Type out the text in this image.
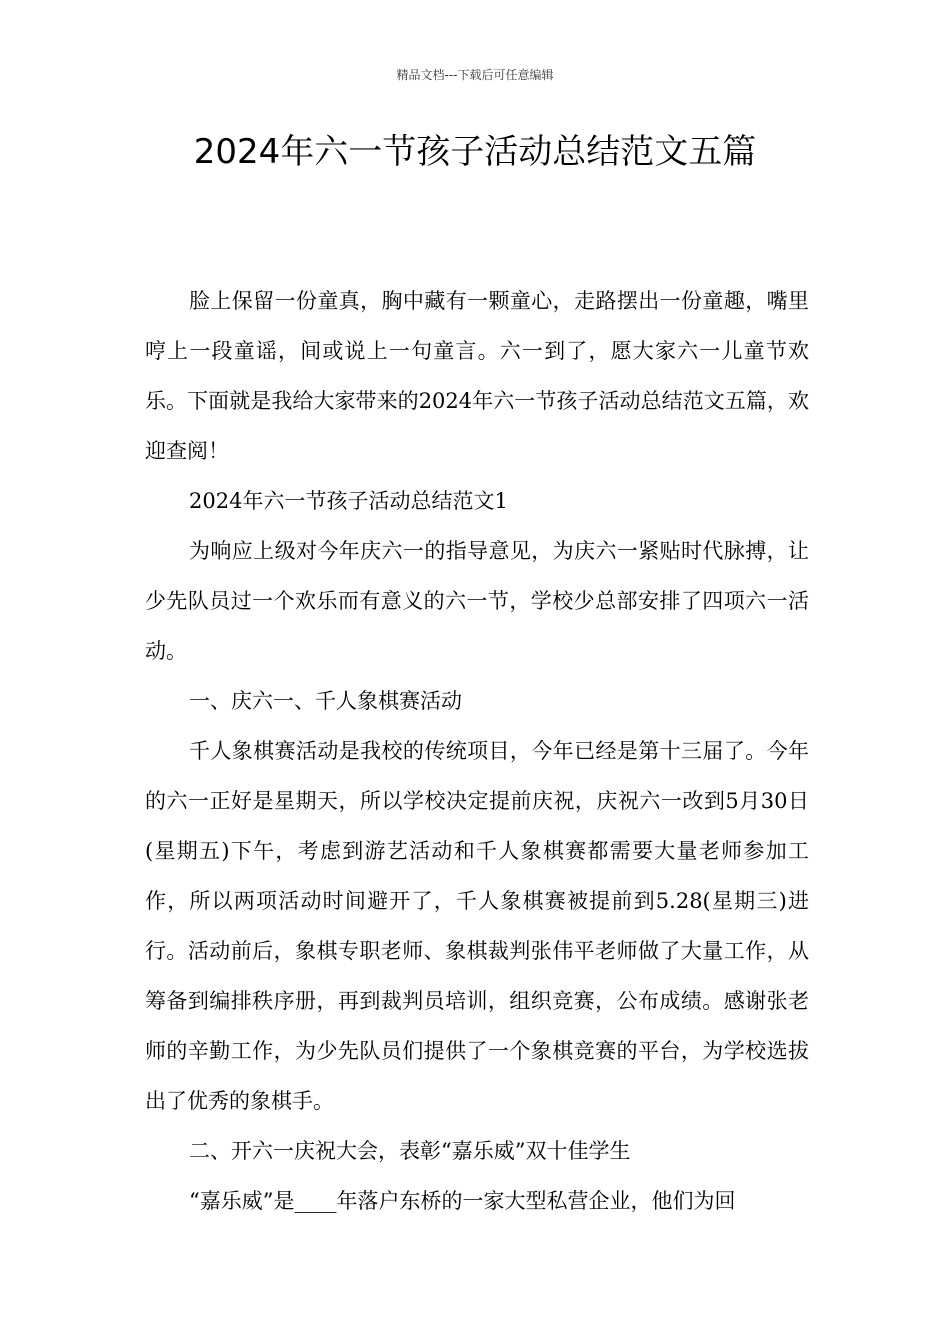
精品文档---下载后可任意编辑
2024年六一节孩子活动总结范文五篇

脸上保留一份童真，胸中藏有一颗童心，走路摆出一份童趣，嘴里哼上一段童谣，间或说上一句童言。六一到了，愿大家六一儿童节欢乐。下面就是我给大家带来的2024年六一节孩子活动总结范文五篇，欢迎查阅！

2024年六一节孩子活动总结范文1

为响应上级对今年庆六一的指导意见，为庆六一紧贴时代脉搏，让少先队员过一个欢乐而有意义的六一节，学校少总部安排了四项六一活动。

一、庆六一、千人象棋赛活动

千人象棋赛活动是我校的传统项目，今年已经是第十三届了。今年的六一正好是星期天，所以学校决定提前庆祝，庆祝六一改到5月30日(星期五)下午，考虑到游艺活动和千人象棋赛都需要大量老师参加工作，所以两项活动时间避开了，千人象棋赛被提前到5.28(星期三)进行。活动前后，象棋专职老师、象棋裁判张伟平老师做了大量工作，从筹备到编排秩序册，再到裁判员培训，组织竞赛，公布成绩。感谢张老师的辛勤工作，为少先队员们提供了一个象棋竞赛的平台，为学校选拔出了优秀的象棋手。

二、开六一庆祝大会，表彰“嘉乐威”双十佳学生

“嘉乐威”是____年落户东桥的一家大型私营企业，他们为回
